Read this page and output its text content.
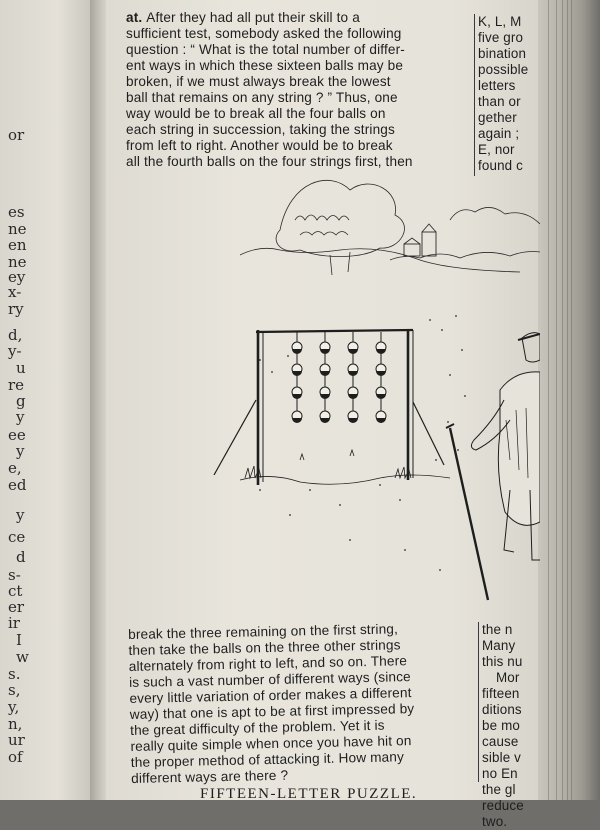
or
es
ne
en
ne
ey
x-
ry
d,
y-
u
re
g
y
ee
y
e,
ed
y
ce
d
s-
ct
er
ir
I
w
s.
s,
y,
n,
ur
of
at. After they had all put their skill to a
sufficient test, somebody asked the following
question : “ What is the total number of differ-
ent ways in which these sixteen balls may be
broken, if we must always break the lowest
ball that remains on any string ? ” Thus, one
way would be to break all the four balls on
each string in succession, taking the strings
from left to right. Another would be to break
all the fourth balls on the four strings first, then
K, L, M
five gro
bination
possible
letters
than or
gether
again ;
E, nor
found c
break the three remaining on the first string,
then take the balls on the three other strings
alternately from right to left, and so on. There
is such a vast number of different ways (since
every little variation of order makes a different
way) that one is apt to be at first impressed by
the great difficulty of the problem. Yet it is
really quite simple when once you have hit on
the proper method of attacking it. How many
different ways are there ?
the n
Many
this nu
Mor
fifteen
ditions
be mo
cause
sible v
no En
the gl
reduce
two.
FIFTEEN-LETTER PUZZLE.
